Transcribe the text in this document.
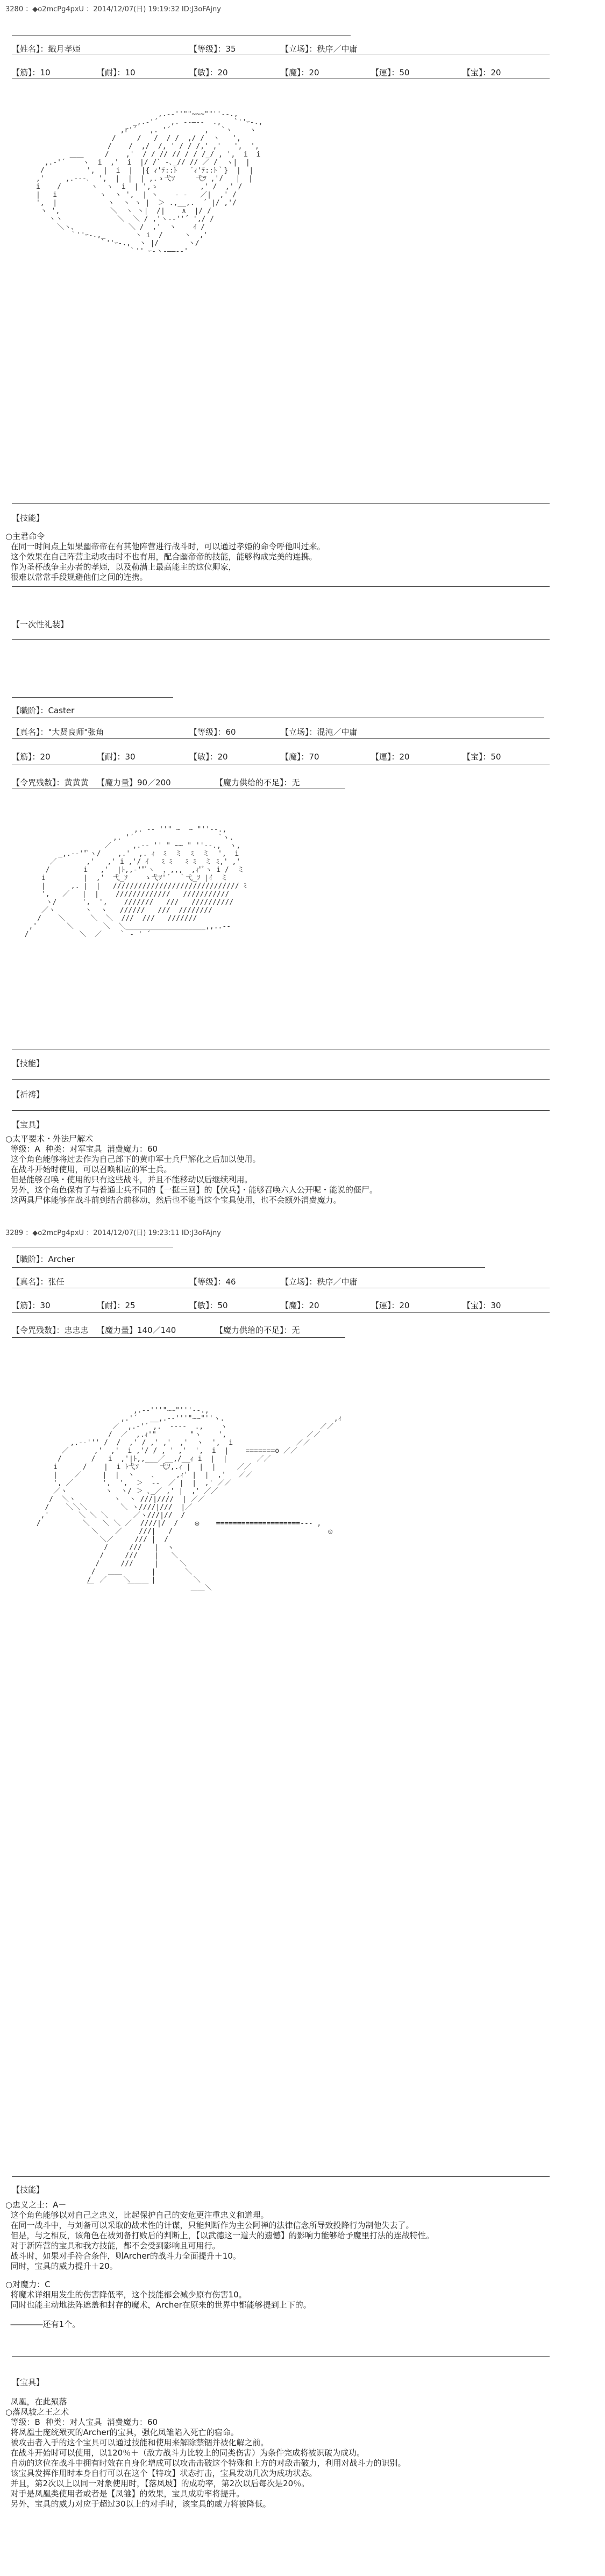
3280 ：◆o2mcPg4pxU ：2014/12/07(日) 19:19:32 ID:J3oFAjny
【姓名】：織月孝姫	【等级】：35	【立场】：秩序／中庸
【筋】：10	【耐】：10	【敏】：20	【魔】：20	【運】：50	【宝】：20

,.-‐''""~~~""''‐-.,
_,.-'´   ,. -‐―‐-  .,   `''ｰ-.,
,r'´   ,. '´        ,   `ヽ    ヽ
/     /   /  / /  ,/ /  ヽ   ',
/    /  ,/  /, ' / / /,' ,'   ',  ',
＿＿     /    ,'  / / // // / / /_/ , ',  i  i
,.-'´    ヽ  i  ,'  i  |/ /` -､_// // ／ /  ヽ|  |
/          ',  |  i  |  |{ ｨ'ﾃ::ﾄ   ´ｨ'ﾃ::ﾄ｀}  |  |
,'     ,.-‐-､  ',  |  |  | ,.ゝ弋ﾂ     弋ﾂ ,'/   |  |
i    /       ヽ  ヽ  i  | ',ゝ          ,' /  ,' /
|   i          ヽ  ヽ ',  | ヽ    ‐ ‐   ／|  ,' /
',  |            ヽ  ヽ ヽ |  ＞ .,__,.  ´ |/ ,'/
ヽ ',            ＼  ヽ ヽ|  /|    ∧  |/ /
ヽヽ             ＼  ＼ / ,'ヽ-‐''´ ',/ /
＼ヽ、            ＼ /  ,'  ヽ    ｲ /
｀''ｰ-.,_       ヽ i  /     ヽ  ,'
｀''ｰ-.,  ヽ |/       ヽ/
｀'' ｰ-ヽ-――‐‐'

【技能】
○主君命令
在同一时间点上如果幽帝帝在有其他阵营进行战斗时，可以通过孝姫的命令呼他叫过来。
这个效果在自己阵营主动攻击时不也有用，配合幽帝帝的技能，能够构成完美的连携。
作为圣杯战争主办者的孝姫，以及勒满上最高能主的这位卿家，
很难以常常手段规避他们之间的连携。
【一次性礼装】
【職阶】：Caster
【真名】："大贤良师"张角	【等级】：60	【立场】：混沌／中庸
【筋】：20	【耐】：30	【敏】：20	【魔】：70	【運】：20	【宝】：50
【令咒残数】：黄黄黄 【魔力量】90／200	【魔力供给的不足】：无

,. -‐ ''" ~  ~ "''‐-.,
,. '´                    `ヽ.
／     ,.-‐ '' " ~~ " ''‐-.,  ヽ,
_,.-‐'"ﾞヽ/    ,.'  ,. ｨ  ﾐ  ミ  ﾐ  ミ  ',  i
／       ,'   ,' i ,'/ ｲ   ﾐ ﾐ   ﾐ ﾐ  ミ ﾐ,' ,'
/        i   ,'  |ﾄ,,‐'"ﾞヽ  ，,,,  ,ｨ"ﾞヽ i /  ミ
i         |  ,'  弋_ｿ    ゝ弋ﾂ'´  ｀弋_ｿ |ｲ  ミ
|      ,. |  |   ////////////////////////////// ﾐ
',   ／   |  |    /////////////   ///////////
ヽ/      ',  ',    ///////   ///   //////////
／ヽ       ヽ  ヽ   //////   ///  ////////
/    ＼      ＼  ＼  ///  ///   ///////
,'       ＼       ＼  ＼___________________,,..--
/            ＼  ／    ｀ ‐ ' ´

【技能】
【祈祷】
【宝具】
○太平要术・外法尸解术
等级：A  种类：对军宝具  消费魔力：60
这个角色能够将过去作为自己部下的黄巾军士兵尸解化之后加以使用。
在战斗开始时使用，可以召唤相应的军士兵。
但是能够召唤・使用的只有这些战斗，并且不能移动以后继续利用。
另外，这个角色保有了与普通士兵不同的【一挺三回】的【伏兵】・能够召唤六人公开呢・能说的僵尸。
这两具尸体能够在战斗前到结合前移动，然后也不能当这个宝具使用，也不会额外消费魔力。
3289 ：◆o2mcPg4pxU ：2014/12/07(日) 19:23:11 ID:J3oFAjny
【職阶】：Archer
【真名】：张任	【等级】：46	【立场】：秩序／中庸
【筋】：30	【耐】：25	【敏】：50	【魔】：20	【運】：20	【宝】：30
【令咒残数】：忠忠忠 【魔力量】140／140	【魔力供给的不足】：无

,.-‐'''"~~"'''‐-.,
,.'´   __,.-‐'''"~~"''ヽ.                          ,ｨ
／  ,.-'´ ,.  -‐‐-  .,    ヽ                      ／／
/  ／  ,.ｨ'"        "ヽ    ',                   ／／
,.-‐''' /  /  ,' / ,' ,'  ,'  ヽ  ',  i               ／／
／      ,'  ,'  i ,'/ / , ' ,'  ',  i  |    =======o ／／
/       /   i  ,'|ﾄ,,___／__,/__ｨ i  |  |       ／／
i      /    |  i ﾄ弋ｿ     弋ｿ,.ｨ |  |  |     ／／
|    ／     |  |  ヽ    ､     ,ｨ' |  |  ,'   ／／
', ／       ',  ',  ＞  ‐‐  ／ |  |  ,' ／／
／ヽ         ヽ  ヽ/ ＞ ､_／ ,' |  ,' ／／
/  ＼ヽ         ヽ  ヽ ///|////  | ／／
/    ＼＼＼        ＼ ヽ////|///  |／
,'       ＼ ＼ ＼      ／ヽ///|//  /
/          ＼   ＼ ＼ ／  ////|/  /    ◎    ====================--- ,
＼    ／    ///|   /                                     ◎
＼／     /// |  /
/     ///   |  ヽ
/     ///    |   ＼
/     ///     |     ＼
/   ＿＿       |       ＼
/  ／    ＼     |         ＼
￣        ￣￣￣          ＿＿＼

【技能】
○忠义之士：A－
这个角色能够以对自己之忠义，比起保护自己的安危更注重忠义和道理。
在同一战斗中，与刘备可以采取的战术性的计谋，只能判断作为主公阿禅的法律信念所导致投降行为制他失去了。
但是，与之相反，该角色在被刘备打败后的判断上，【以武德这一道大的遗憾】的影响力能够给予魔里打法的连战特性。
对于新阵营的宝具和我方技能，都不会受到影响且可用行。
战斗时，如果对手符合条件，则Archer的战斗力全面提升＋10。
同时，宝具的威力提升＋20。
○对魔力：C
将魔术详细用发生的伤害降低率，这个技能都会减少原有伤害10。
同时也能主动地法阵遮盖和封存的魔术，Archer在原来的世界中都能够提到上下的。
――――还有1个。
【宝具】
凤凰，在此殒落
○落凤坡之王之术
等级：B  种类：对人宝具  消费魔力：60
将凤凰士庞统殒灭的Archer的宝具，强化凤雏陷入死亡的宿命。
被攻击者入手的这个宝具可以通过技能和使用来解除禁锢并被化解之前。
在战斗开始时可以使用，以120％＋（敌方战斗力比较上的同类伤害）为条件完成将被识破为成功。
自动的这位在战斗中拥有时效在自身化增成可以攻击击破这个特殊和上方的对敌击破力，利用对战斗力的识别。
该宝具发挥作用时本身自行可以在这个【特攻】状态打击，宝具发动几次为成功状态。
并且，第2次以上以同一对象使用时，【落凤坡】的成功率，第2次以后每次是20％。
对手是凤凰类使用者或者是【凤雏】的效果，宝具成功率将提升。
另外，宝具的威力对应于超过30以上的对手时，该宝具的威力将被降低。
